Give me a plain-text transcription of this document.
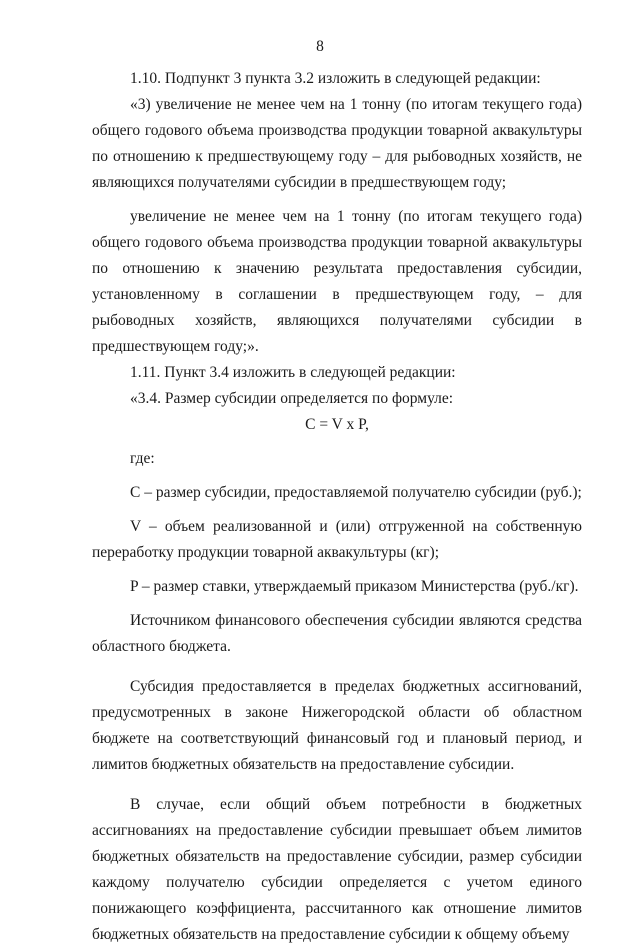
8

1.10. Подпункт 3 пункта 3.2 изложить в следующей редакции:

«3) увеличение не менее чем на 1 тонну (по итогам текущего года) общего годового объема производства продукции товарной аквакультуры по отношению к предшествующему году – для рыбоводных хозяйств, не являющихся получателями субсидии в предшествующем году;

увеличение не менее чем на 1 тонну (по итогам текущего года) общего годового объема производства продукции товарной аквакультуры по отношению к значению результата предоставления субсидии, установленному в соглашении в предшествующем году, – для рыбоводных хозяйств, являющихся получателями субсидии в предшествующем году;».

1.11. Пункт 3.4 изложить в следующей редакции:

«3.4. Размер субсидии определяется по формуле:

C = V x P,

где:

C – размер субсидии, предоставляемой получателю субсидии (руб.);

V – объем реализованной и (или) отгруженной на собственную переработку продукции товарной аквакультуры (кг);

P – размер ставки, утверждаемый приказом Министерства (руб./кг).

Источником финансового обеспечения субсидии являются средства областного бюджета.

Субсидия предоставляется в пределах бюджетных ассигнований, предусмотренных в законе Нижегородской области об областном бюджете на соответствующий финансовый год и плановый период, и лимитов бюджетных обязательств на предоставление субсидии.

В случае, если общий объем потребности в бюджетных ассигнованиях на предоставление субсидии превышает объем лимитов бюджетных обязательств на предоставление субсидии, размер субсидии каждому получателю субсидии определяется с учетом единого понижающего коэффициента, рассчитанного как отношение лимитов бюджетных обязательств на предоставление субсидии к общему объему
